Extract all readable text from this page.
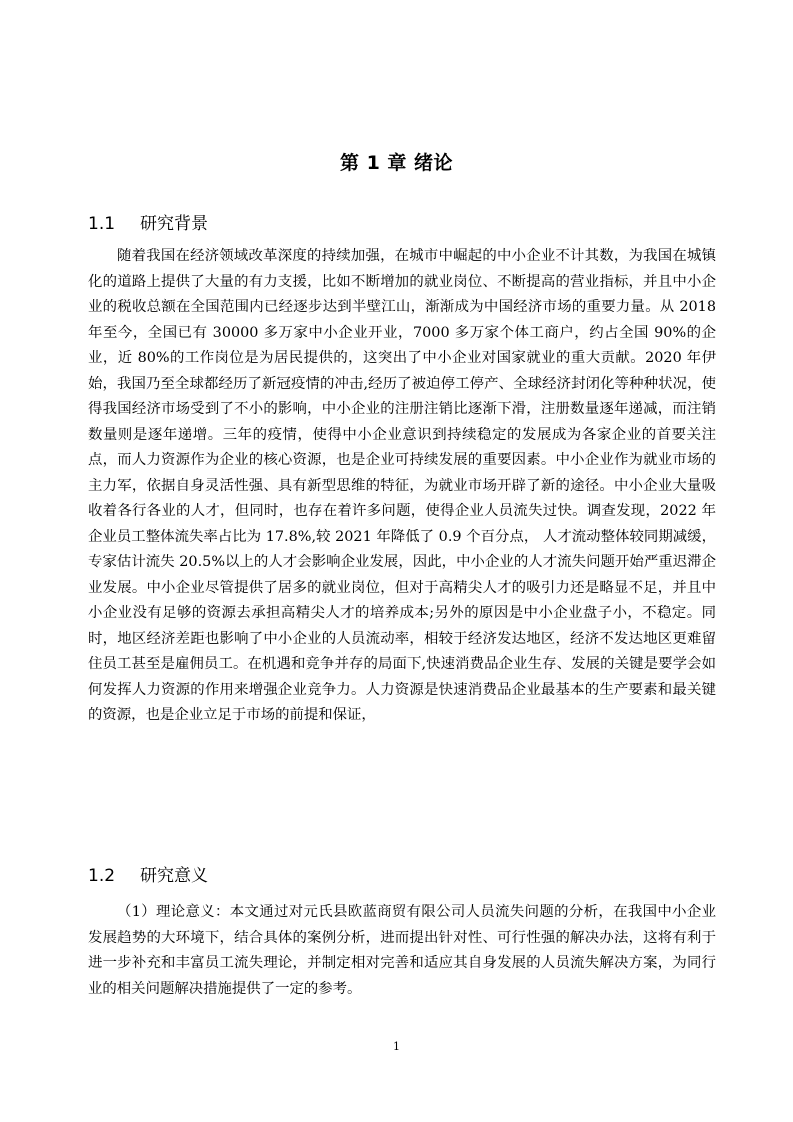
第 1 章 绪论
1.1 研究背景

随着我国在经济领域改革深度的持续加强，在城市中崛起的中小企业不计其数，为我国在城镇化的道路上提供了大量的有力支援，比如不断增加的就业岗位、不断提高的营业指标，并且中小企业的税收总额在全国范围内已经逐步达到半壁江山，渐渐成为中国经济市场的重要力量。从 2018 年至今，全国已有 30000 多万家中小企业开业，7000 多万家个体工商户，约占全国 90%的企业，近 80%的工作岗位是为居民提供的，这突出了中小企业对国家就业的重大贡献。2020 年伊始，我国乃至全球都经历了新冠疫情的冲击,经历了被迫停工停产、全球经济封闭化等种种状况，使得我国经济市场受到了不小的影响，中小企业的注册注销比逐渐下滑，注册数量逐年递减，而注销数量则是逐年递增。三年的疫情，使得中小企业意识到持续稳定的发展成为各家企业的首要关注点，而人力资源作为企业的核心资源，也是企业可持续发展的重要因素。中小企业作为就业市场的主力军，依据自身灵活性强、具有新型思维的特征，为就业市场开辟了新的途径。中小企业大量吸收着各行各业的人才，但同时，也存在着许多问题，使得企业人员流失过快。调查发现，2022 年企业员工整体流失率占比为 17.8%,较 2021 年降低了 0.9 个百分点， 人才流动整体较同期减缓，专家估计流失 20.5%以上的人才会影响企业发展，因此，中小企业的人才流失问题开始严重迟滞企业发展。中小企业尽管提供了居多的就业岗位，但对于高精尖人才的吸引力还是略显不足，并且中小企业没有足够的资源去承担高精尖人才的培养成本;另外的原因是中小企业盘子小，不稳定。同时，地区经济差距也影响了中小企业的人员流动率，相较于经济发达地区，经济不发达地区更难留住员工甚至是雇佣员工。在机遇和竞争并存的局面下,快速消费品企业生存、发展的关键是要学会如何发挥人力资源的作用来增强企业竞争力。人力资源是快速消费品企业最基本的生产要素和最关键的资源，也是企业立足于市场的前提和保证，

1.2 研究意义

（1）理论意义：本文通过对元氏县欧蓝商贸有限公司人员流失问题的分析，在我国中小企业发展趋势的大环境下，结合具体的案例分析，进而提出针对性、可行性强的解决办法，这将有利于进一步补充和丰富员工流失理论，并制定相对完善和适应其自身发展的人员流失解决方案，为同行业的相关问题解决措施提供了一定的参考。

1
